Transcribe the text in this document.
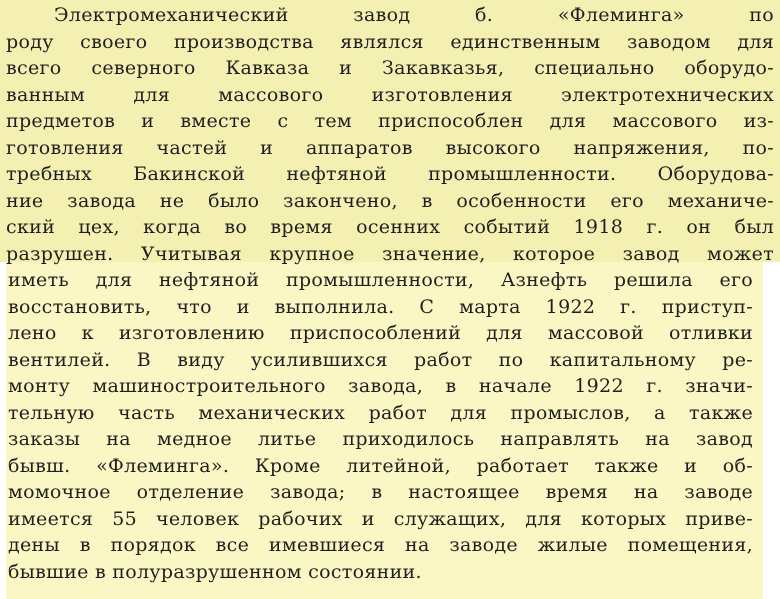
Электромеханический завод б. «Флеминга» по
роду своего производства являлся единственным заводом для
всего северного Кавказа и Закавказья, специально оборудо-
ванным для массового изготовления электротехнических
предметов и вместе с тем приспособлен для массового из-
готовления частей и аппаратов высокого напряжения, по-
требных Бакинской нефтяной промышленности. Оборудова-
ние завода не было закончено, в особенности его механиче-
ский цех, когда во время осенних событий 1918 г. он был
разрушен. Учитывая крупное значение, которое завод может
иметь для нефтяной промышленности, Азнефть решила его
восстановить, что и выполнила. С марта 1922 г. приступ-
лено к изготовлению приспособлений для массовой отливки
вентилей. В виду усилившихся работ по капитальному ре-
монту машиностроительного завода, в начале 1922 г. значи-
тельную часть механических работ для промыслов, а также
заказы на медное литье приходилось направлять на завод
бывш. «Флеминга». Кроме литейной, работает также и об-
момочное отделение завода; в настоящее время на заводе
имеется 55 человек рабочих и служащих, для которых приве-
дены в порядок все имевшиеся на заводе жилые помещения,
бывшие в полуразрушенном состоянии.
